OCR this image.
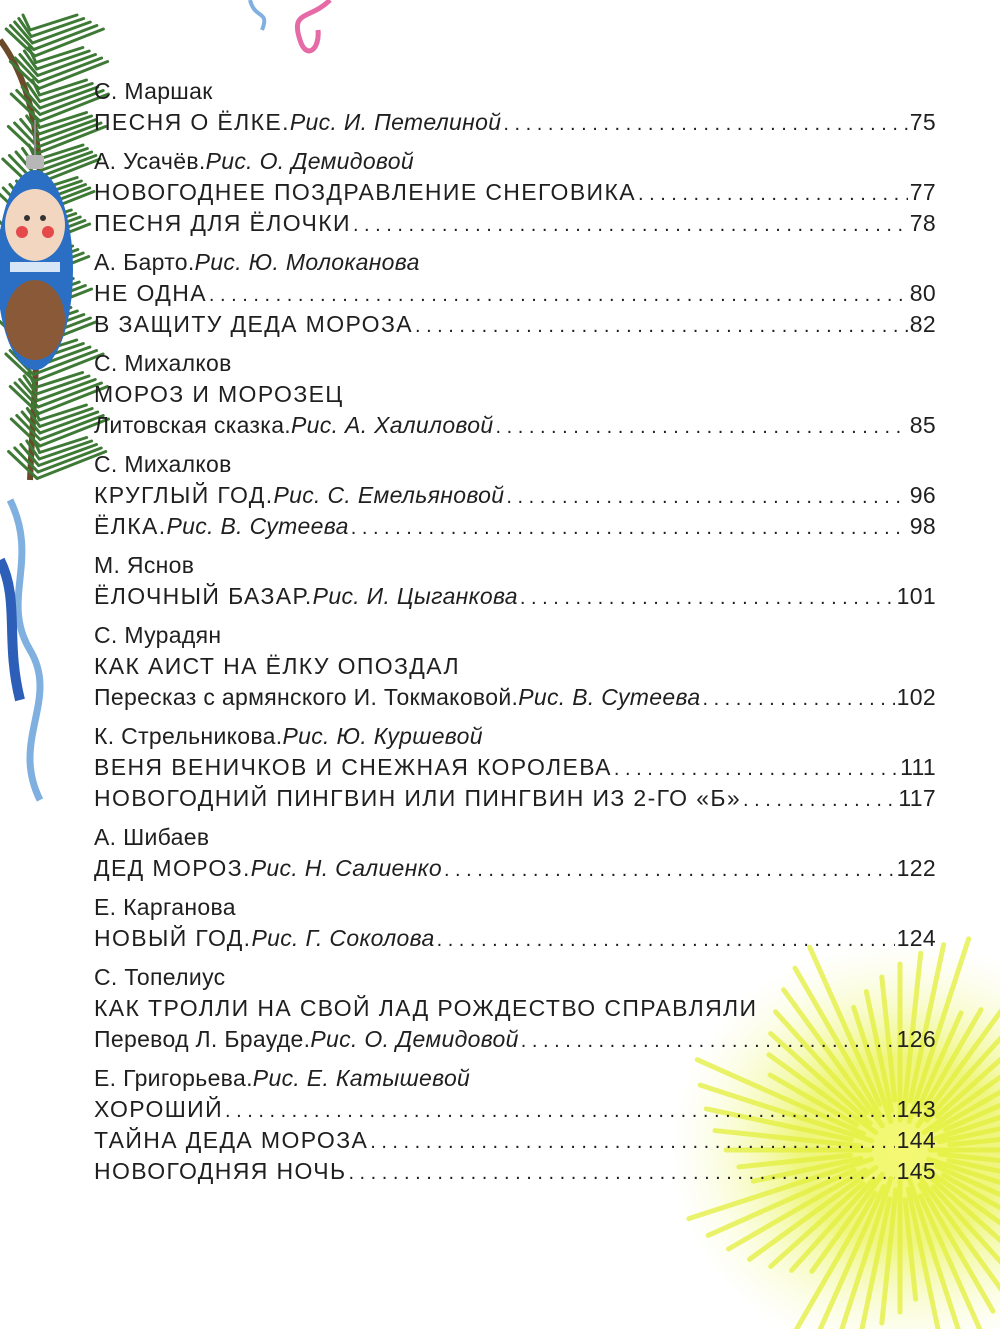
С. Маршак
ПЕСНЯ О ЁЛКЕ. Рис. И. Петелиной . . .	75
А. Усачёв. Рис. О. Демидовой
НОВОГОДНЕЕ ПОЗДРАВЛЕНИЕ СНЕГОВИКА . . .	77
ПЕСНЯ ДЛЯ ЁЛОЧКИ . . .	78
А. Барто. Рис. Ю. Молоканова
НЕ ОДНА . . .	80
В ЗАЩИТУ ДЕДА МОРОЗА . . .	82
С. Михалков
МОРОЗ И МОРОЗЕЦ
Литовская сказка. Рис. А. Халиловой . . .	85
С. Михалков
КРУГЛЫЙ ГОД. Рис. С. Емельяновой . . .	96
ЁЛКА. Рис. В. Сутеева . . .	98
М. Яснов
ЁЛОЧНЫЙ БАЗАР. Рис. И. Цыганкова . . .	101
С. Мурадян
КАК АИСТ НА ЁЛКУ ОПОЗДАЛ
Пересказ с армянского И. Токмаковой. Рис. В. Сутеева . . .	102
К. Стрельникова. Рис. Ю. Куршевой
ВЕНЯ ВЕНИЧКОВ И СНЕЖНАЯ КОРОЛЕВА . . .	111
НОВОГОДНИЙ ПИНГВИН ИЛИ ПИНГВИН ИЗ 2-ГО «Б» . . .	117
А. Шибаев
ДЕД МОРОЗ. Рис. Н. Салиенко . . .	122
Е. Карганова
НОВЫЙ ГОД. Рис. Г. Соколова . . .	124
С. Топелиус
КАК ТРОЛЛИ НА СВОЙ ЛАД РОЖДЕСТВО СПРАВЛЯЛИ
Перевод Л. Брауде. Рис. О. Демидовой . . .	126
Е. Григорьева. Рис. Е. Катышевой
ХОРОШИЙ . . .	143
ТАЙНА ДЕДА МОРОЗА . . .	144
НОВОГОДНЯЯ НОЧЬ . . .	145
